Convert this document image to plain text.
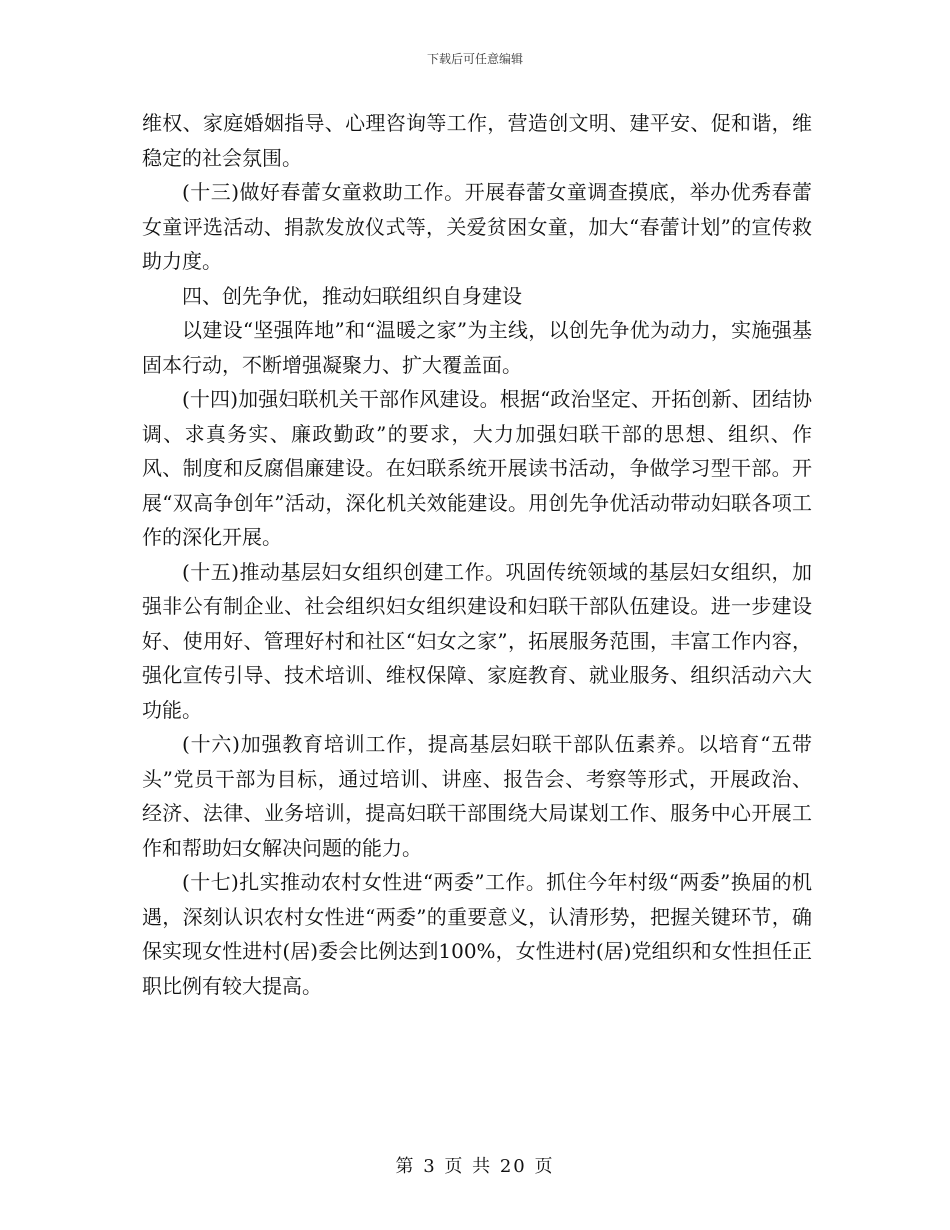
下载后可任意编辑

维权、家庭婚姻指导、心理咨询等工作，营造创文明、建平安、促和谐，维稳定的社会氛围。

(十三)做好春蕾女童救助工作。开展春蕾女童调查摸底，举办优秀春蕾女童评选活动、捐款发放仪式等，关爱贫困女童，加大“春蕾计划”的宣传救助力度。

四、创先争优，推动妇联组织自身建设

以建设“坚强阵地”和“温暖之家”为主线，以创先争优为动力，实施强基固本行动，不断增强凝聚力、扩大覆盖面。

(十四)加强妇联机关干部作风建设。根据“政治坚定、开拓创新、团结协调、求真务实、廉政勤政”的要求，大力加强妇联干部的思想、组织、作风、制度和反腐倡廉建设。在妇联系统开展读书活动，争做学习型干部。开展“双高争创年”活动，深化机关效能建设。用创先争优活动带动妇联各项工作的深化开展。

(十五)推动基层妇女组织创建工作。巩固传统领域的基层妇女组织，加强非公有制企业、社会组织妇女组织建设和妇联干部队伍建设。进一步建设好、使用好、管理好村和社区“妇女之家”，拓展服务范围，丰富工作内容，强化宣传引导、技术培训、维权保障、家庭教育、就业服务、组织活动六大功能。

(十六)加强教育培训工作，提高基层妇联干部队伍素养。以培育“五带头”党员干部为目标，通过培训、讲座、报告会、考察等形式，开展政治、经济、法律、业务培训，提高妇联干部围绕大局谋划工作、服务中心开展工作和帮助妇女解决问题的能力。

(十七)扎实推动农村女性进“两委”工作。抓住今年村级“两委”换届的机遇，深刻认识农村女性进“两委”的重要意义，认清形势，把握关键环节，确保实现女性进村(居)委会比例达到100%，女性进村(居)党组织和女性担任正职比例有较大提高。

第 3 页 共 20 页
